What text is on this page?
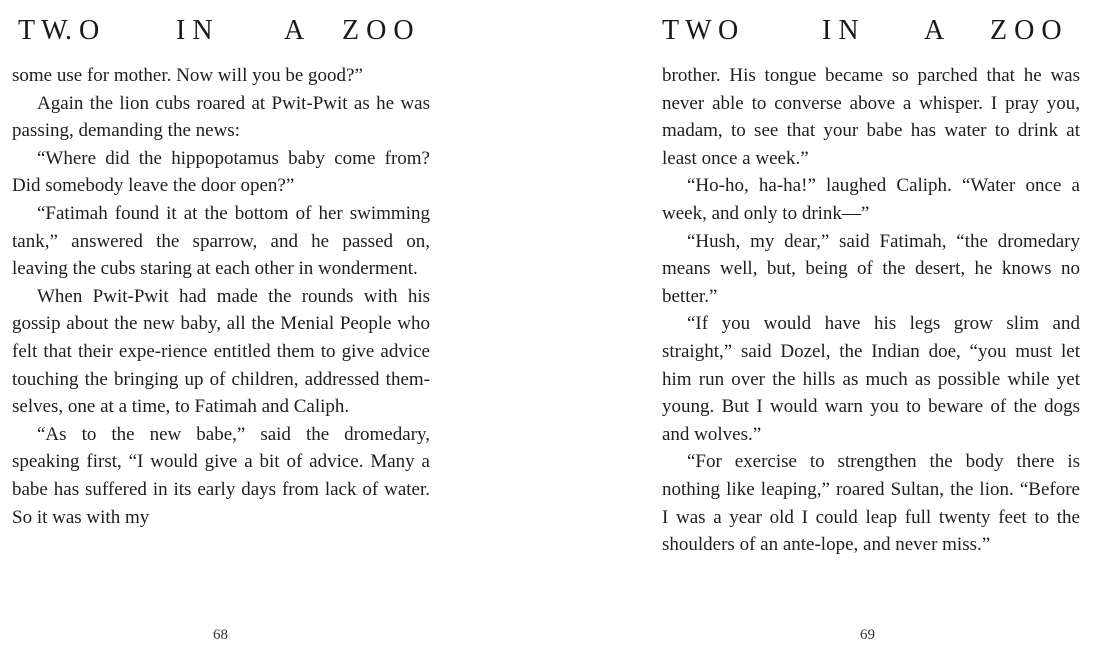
T W. O	I N	A Z O O

some use for mother. Now will you be good?”

Again the lion cubs roared at Pwit-Pwit as he was passing, demanding the news:

“Where did the hippopotamus baby come from? Did somebody leave the door open?”

“Fatimah found it at the bottom of her swimming tank,” answered the sparrow, and he passed on, leaving the cubs staring at each other in wonderment.

When Pwit-Pwit had made the rounds with his gossip about the new baby, all the Menial People who felt that their expe-rience entitled them to give advice touching the bringing up of children, addressed them-selves, one at a time, to Fatimah and Caliph.

“As to the new babe,” said the dromedary, speaking first, “I would give a bit of advice. Many a babe has suffered in its early days from lack of water. So it was with my

68
T W O	I N A Z O O

brother. His tongue became so parched that he was never able to converse above a whisper. I pray you, madam, to see that your babe has water to drink at least once a week.”

“Ho-ho, ha-ha!” laughed Caliph. “Water once a week, and only to drink—”

“Hush, my dear,” said Fatimah, “the dromedary means well, but, being of the desert, he knows no better.”

“If you would have his legs grow slim and straight,” said Dozel, the Indian doe, “you must let him run over the hills as much as possible while yet young. But I would warn you to beware of the dogs and wolves.”

“For exercise to strengthen the body there is nothing like leaping,” roared Sultan, the lion. “Before I was a year old I could leap full twenty feet to the shoulders of an ante-lope, and never miss.”

69
